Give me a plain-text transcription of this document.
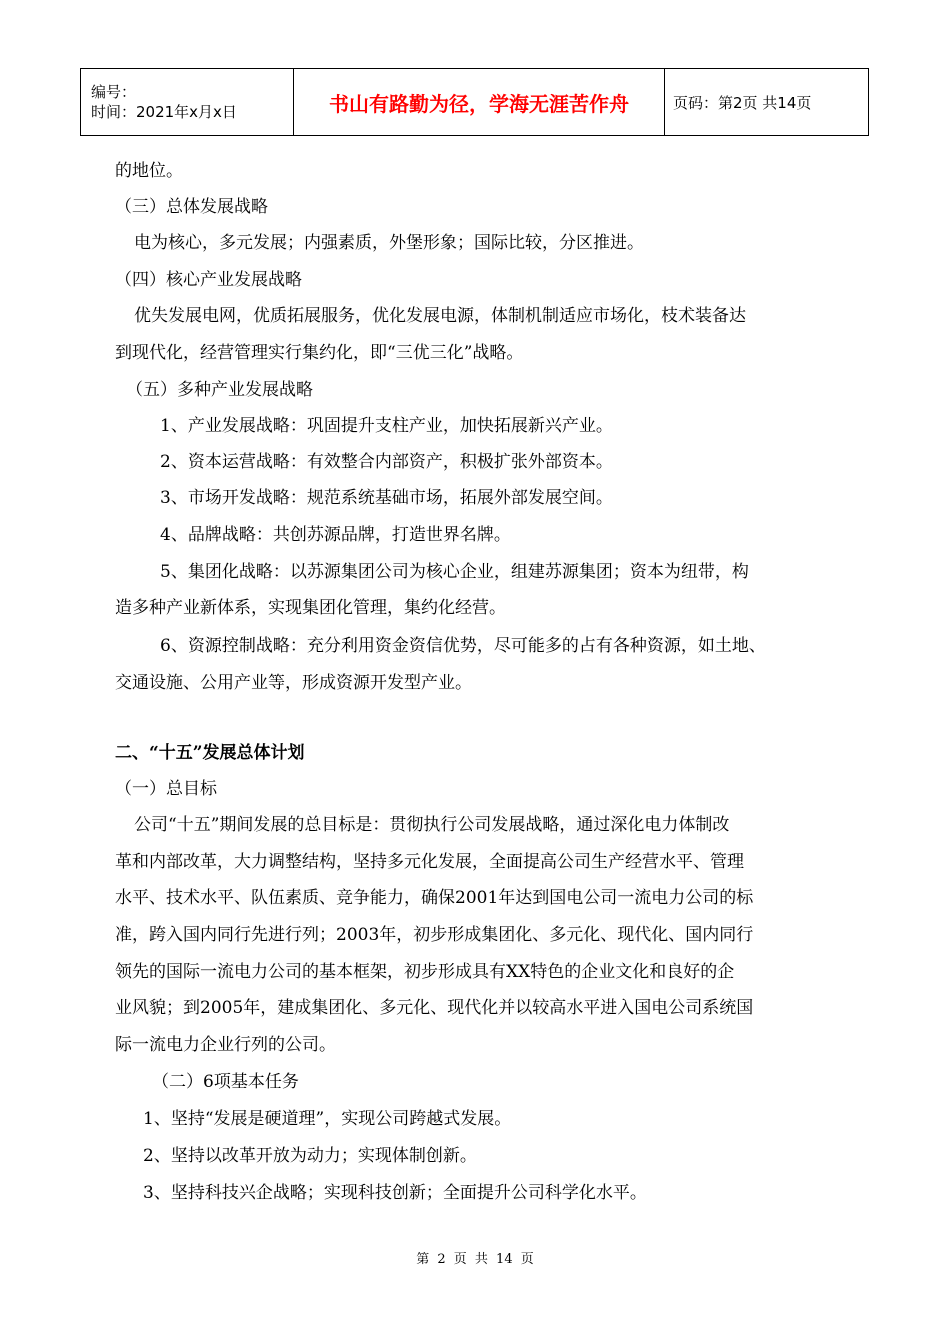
编号：
时间：2021年x月x日	书山有路勤为径，学海无涯苦作舟	页码：第2页 共14页
的地位。
（三）总体发展战略
电为核心，多元发展；内强素质，外堡形象；国际比较，分区推进。
（四）核心产业发展战略
优失发展电网，优质拓展服务，优化发展电源，体制机制适应市场化，枝术装备达
到现代化，经营管理实行集约化，即“三优三化”战略。
（五）多种产业发展战略
1、产业发展战略：巩固提升支柱产业，加快拓展新兴产业。
2、资本运营战略：有效整合内部资产，积极扩张外部资本。
3、市场开发战略：规范系统基础市场，拓展外部发展空间。
4、品牌战略：共创苏源品牌，打造世界名牌。
5、集团化战略：以苏源集团公司为核心企业，组建苏源集团；资本为纽带，构
造多种产业新体系，实现集团化管理，集约化经营。
6、资源控制战略：充分利用资金资信优势，尽可能多的占有各种资源，如土地、
交通设施、公用产业等，形成资源开发型产业。
二、“十五”发展总体计划
（一）总目标
公司“十五”期间发展的总目标是：贯彻执行公司发展战略，通过深化电力体制改
革和内部改革，大力调整结构，坚持多元化发展，全面提高公司生产经营水平、管理
水平、技术水平、队伍素质、竞争能力，确保2001年达到国电公司一流电力公司的标
准，跨入国内同行先进行列；2003年，初步形成集团化、多元化、现代化、国内同行
领先的国际一流电力公司的基本框架，初步形成具有XX特色的企业文化和良好的企
业风貌；到2005年，建成集团化、多元化、现代化并以较高水平进入国电公司系统国
际一流电力企业行列的公司。
（二）6项基本任务
1、坚持“发展是硬道理”，实现公司跨越式发展。
2、坚持以改革开放为动力；实现体制创新。
3、坚持科技兴企战略；实现科技创新；全面提升公司科学化水平。
第 2 页 共 14 页
